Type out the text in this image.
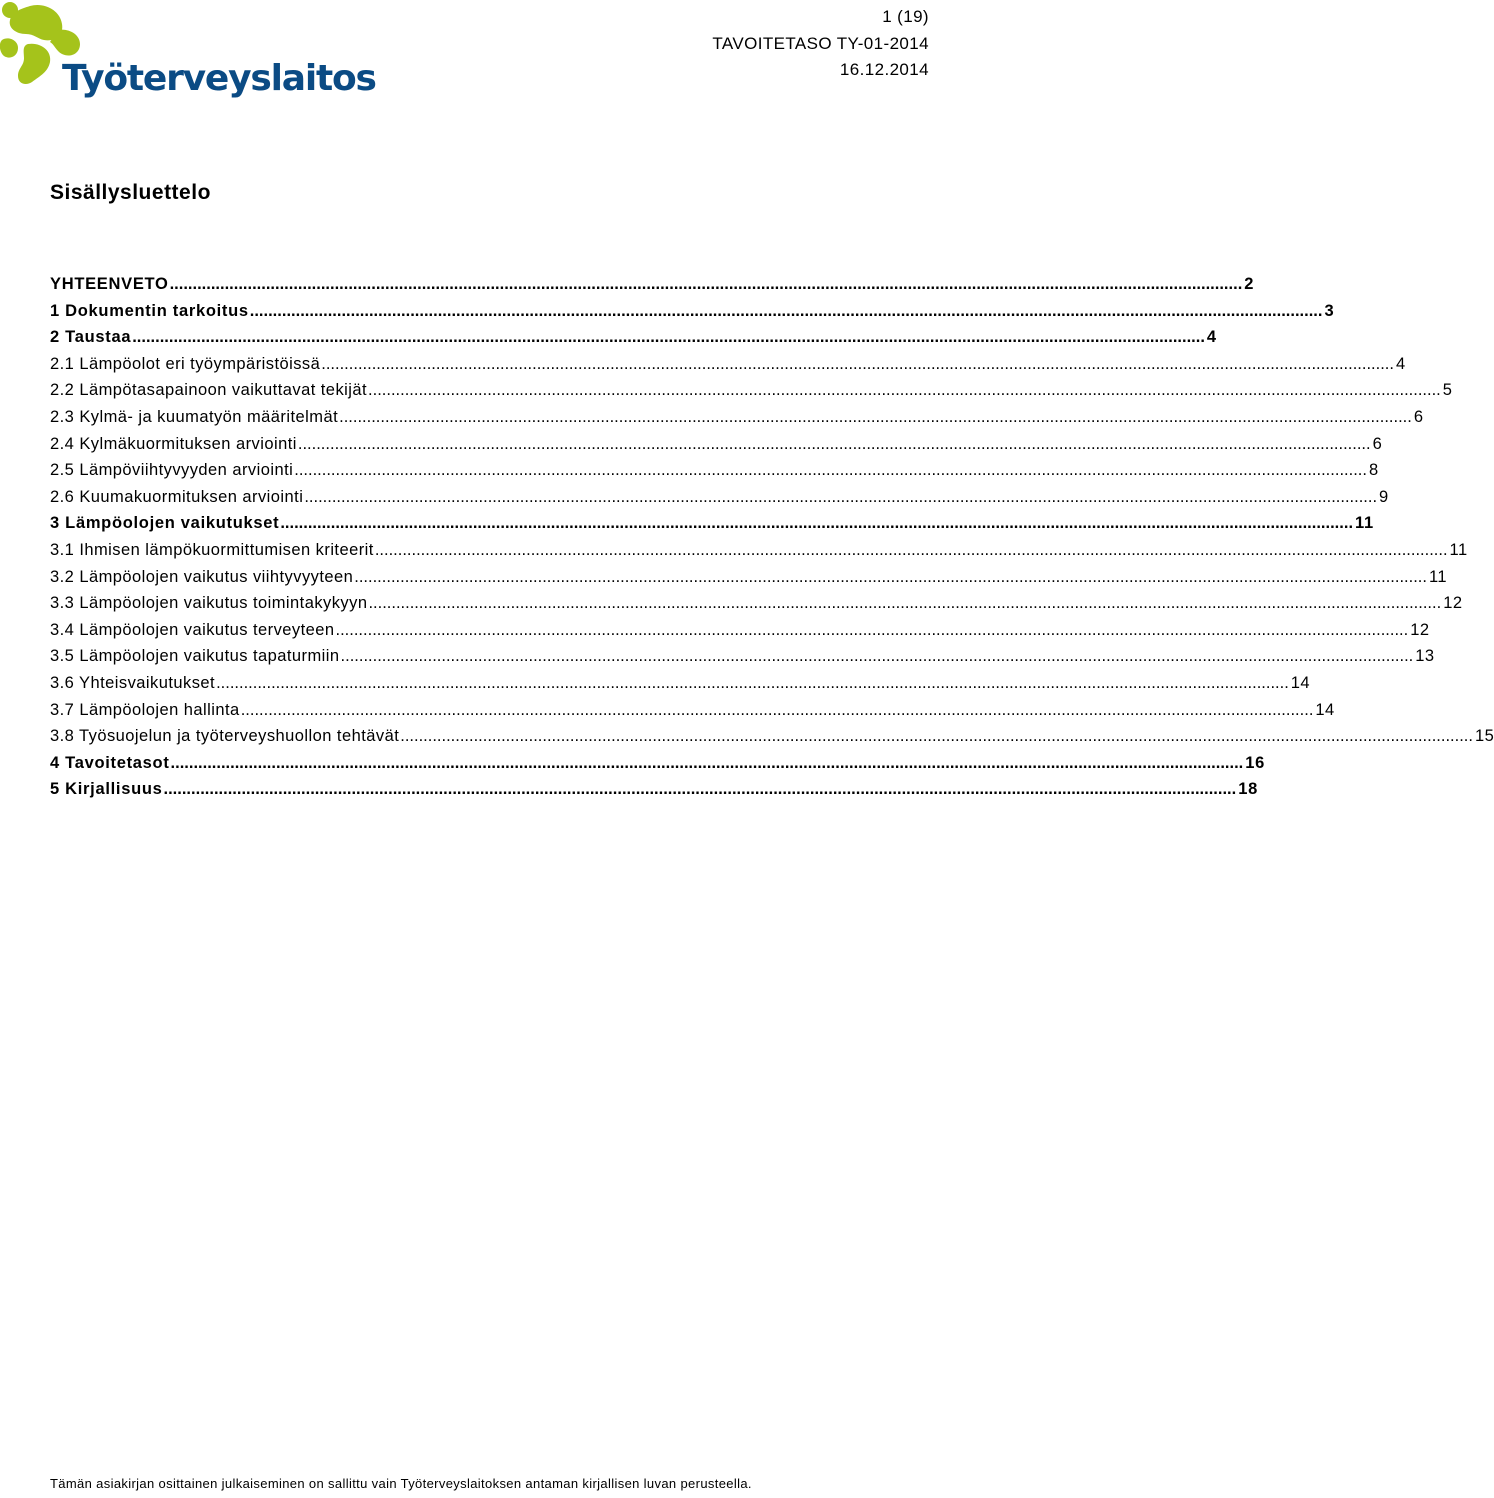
Työterveyslaitos
1 (19)
TAVOITETASO TY-01-2014
16.12.2014
Sisällysluettelo
YHTEENVETO .....	2
1 Dokumentin tarkoitus .....	3
2 Taustaa .....	4
2.1 Lämpöolot eri työympäristöissä .....	4
2.2 Lämpötasapainoon vaikuttavat tekijät .....	5
2.3 Kylmä- ja kuumatyön määritelmät .....	6
2.4 Kylmäkuormituksen arviointi .....	6
2.5 Lämpöviihtyvyyden arviointi .....	8
2.6 Kuumakuormituksen arviointi .....	9
3 Lämpöolojen vaikutukset .....	11
3.1 Ihmisen lämpökuormittumisen kriteerit .....	11
3.2 Lämpöolojen vaikutus viihtyvyyteen .....	11
3.3 Lämpöolojen vaikutus toimintakykyyn .....	12
3.4 Lämpöolojen vaikutus terveyteen .....	12
3.5 Lämpöolojen vaikutus tapaturmiin .....	13
3.6 Yhteisvaikutukset .....	14
3.7 Lämpöolojen hallinta .....	14
3.8 Työsuojelun ja työterveyshuollon tehtävät .....	15
4 Tavoitetasot .....	16
5 Kirjallisuus .....	18
Tämän asiakirjan osittainen julkaiseminen on sallittu vain Työterveyslaitoksen antaman kirjallisen luvan perusteella.
